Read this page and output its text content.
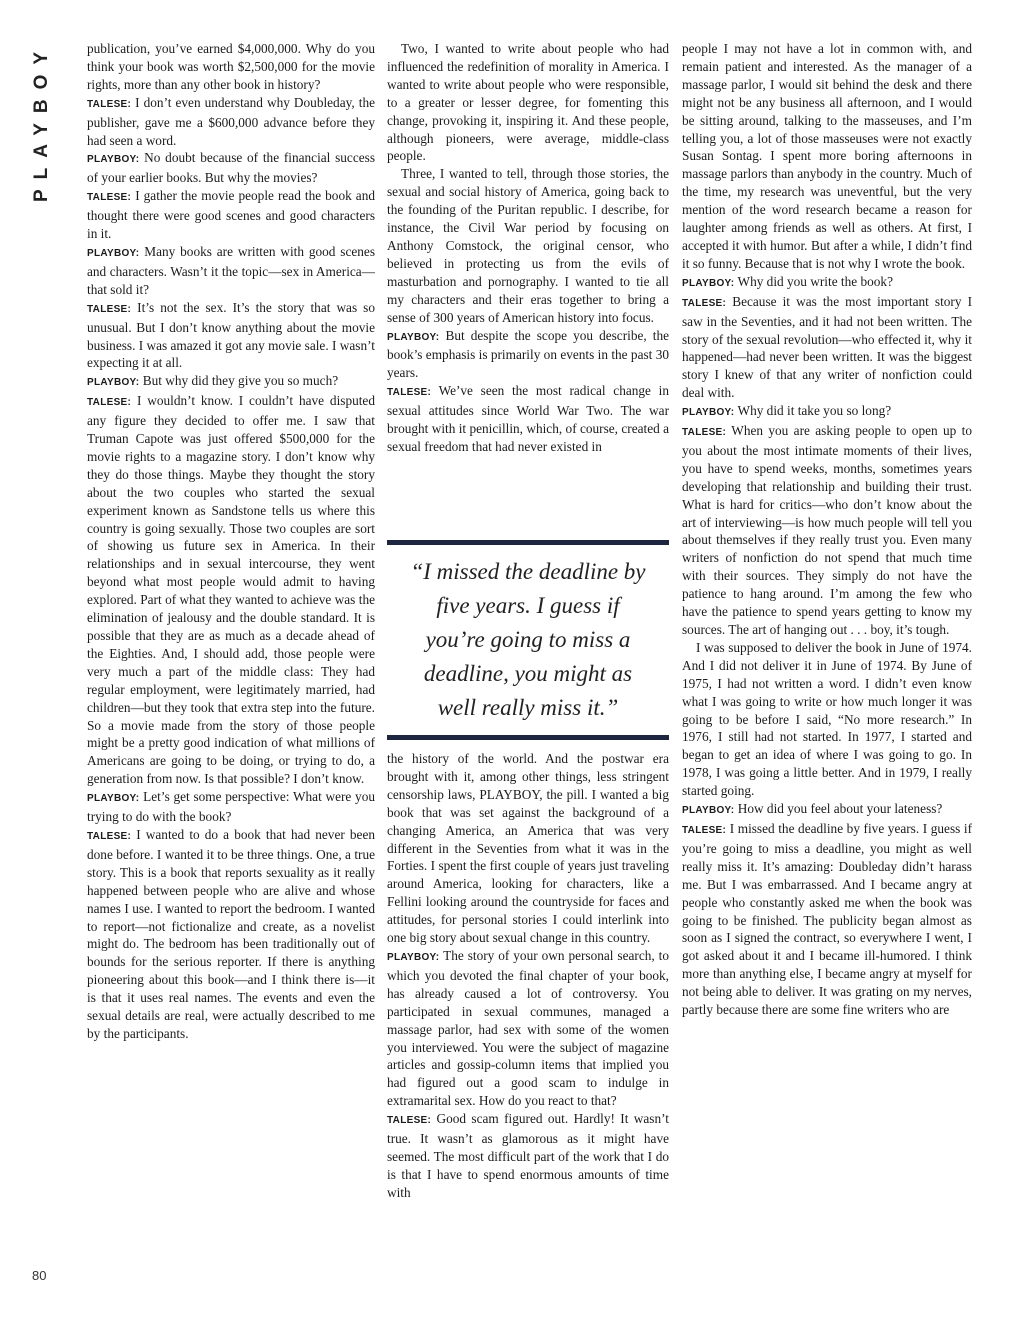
PLAYBOY	publication, you’ve earned $4,000,000. Why do you think your book was worth $2,500,000 for the movie rights, more than any other book in history?

TALESE: I don’t even understand why Doubleday, the publisher, gave me a $600,000 advance before they had seen a word.

PLAYBOY: No doubt because of the financial success of your earlier books. But why the movies?

TALESE: I gather the movie people read the book and thought there were good scenes and good characters in it.

PLAYBOY: Many books are written with good scenes and characters. Wasn’t it the topic—sex in America—that sold it?

TALESE: It’s not the sex. It’s the story that was so unusual. But I don’t know anything about the movie business. I was amazed it got any movie sale. I wasn’t expecting it at all.

PLAYBOY: But why did they give you so much?

TALESE: I wouldn’t know. I couldn’t have disputed any figure they decided to offer me. I saw that Truman Capote was just offered $500,000 for the movie rights to a magazine story. I don’t know why they do those things. Maybe they thought the story about the two couples who started the sexual experiment known as Sandstone tells us where this country is going sexually. Those two couples are sort of showing us future sex in America. In their relationships and in sexual intercourse, they went beyond what most people would admit to having explored. Part of what they wanted to achieve was the elimination of jealousy and the double standard. It is possible that they are as much as a decade ahead of the Eighties. And, I should add, those people were very much a part of the middle class: They had regular employment, were legitimately married, had children—but they took that extra step into the future. So a movie made from the story of those people might be a pretty good indication of what millions of Americans are going to be doing, or trying to do, a generation from now. Is that possible? I don’t know.

PLAYBOY: Let’s get some perspective: What were you trying to do with the book?

TALESE: I wanted to do a book that had never been done before. I wanted it to be three things. One, a true story. This is a book that reports sexuality as it really happened between people who are alive and whose names I use. I wanted to report the bedroom. I wanted to report—not fictionalize and create, as a novelist might do. The bedroom has been traditionally out of bounds for the serious reporter. If there is anything pioneering about this book—and I think there is—it is that it uses real names. The events and even the sexual details are real, were actually described to me by the participants.

Two, I wanted to write about people who had influenced the redefinition of morality in America. I wanted to write about people who were responsible, to a greater or lesser degree, for fomenting this change, provoking it, inspiring it. And these people, although pioneers, were average, middle-class people.

Three, I wanted to tell, through those stories, the sexual and social history of America, going back to the founding of the Puritan republic. I describe, for instance, the Civil War period by focusing on Anthony Comstock, the original censor, who believed in protecting us from the evils of masturbation and pornography. I wanted to tie all my characters and their eras together to bring a sense of 300 years of American history into focus.

PLAYBOY: But despite the scope you describe, the book’s emphasis is primarily on events in the past 30 years.

TALESE: We’ve seen the most radical change in sexual attitudes since World War Two. The war brought with it penicillin, which, of course, created a sexual freedom that had never existed in

“I missed the deadline by five years. I guess if you’re going to miss a deadline, you might as well really miss it.”

the history of the world. And the postwar era brought with it, among other things, less stringent censorship laws, PLAYBOY, the pill. I wanted a big book that was set against the background of a changing America, an America that was very different in the Seventies from what it was in the Forties. I spent the first couple of years just traveling around America, looking for characters, like a Fellini looking around the countryside for faces and attitudes, for personal stories I could interlink into one big story about sexual change in this country.

PLAYBOY: The story of your own personal search, to which you devoted the final chapter of your book, has already caused a lot of controversy. You participated in sexual communes, managed a massage parlor, had sex with some of the women you interviewed. You were the subject of magazine articles and gossip-column items that implied you had figured out a good scam to indulge in extramarital sex. How do you react to that?

TALESE: Good scam figured out. Hardly! It wasn’t true. It wasn’t as glamorous as it might have seemed. The most difficult part of the work that I do is that I have to spend enormous amounts of time with

people I may not have a lot in common with, and remain patient and interested. As the manager of a massage parlor, I would sit behind the desk and there might not be any business all afternoon, and I would be sitting around, talking to the masseuses, and I’m telling you, a lot of those masseuses were not exactly Susan Sontag. I spent more boring afternoons in massage parlors than anybody in the country. Much of the time, my research was uneventful, but the very mention of the word research became a reason for laughter among friends as well as others. At first, I accepted it with humor. But after a while, I didn’t find it so funny. Because that is not why I wrote the book.

PLAYBOY: Why did you write the book?

TALESE: Because it was the most important story I saw in the Seventies, and it had not been written. The story of the sexual revolution—who effected it, why it happened—had never been written. It was the biggest story I knew of that any writer of nonfiction could deal with.

PLAYBOY: Why did it take you so long?

TALESE: When you are asking people to open up to you about the most intimate moments of their lives, you have to spend weeks, months, sometimes years developing that relationship and building their trust. What is hard for critics—who don’t know about the art of interviewing—is how much people will tell you about themselves if they really trust you. Even many writers of nonfiction do not spend that much time with their sources. They simply do not have the patience to hang around. I’m among the few who have the patience to spend years getting to know my sources. The art of hanging out . . . boy, it’s tough.

I was supposed to deliver the book in June of 1974. And I did not deliver it in June of 1974. By June of 1975, I had not written a word. I didn’t even know what I was going to write or how much longer it was going to be before I said, “No more research.” In 1976, I still had not started. In 1977, I started and began to get an idea of where I was going to go. In 1978, I was going a little better. And in 1979, I really started going.

PLAYBOY: How did you feel about your lateness?

TALESE: I missed the deadline by five years. I guess if you’re going to miss a deadline, you might as well really miss it. It’s amazing: Doubleday didn’t harass me. But I was embarrassed. And I became angry at people who constantly asked me when the book was going to be finished. The publicity began almost as soon as I signed the contract, so everywhere I went, I got asked about it and I became ill-humored. I think more than anything else, I became angry at myself for not being able to deliver. It was grating on my nerves, partly because there are some fine writers who are

80
